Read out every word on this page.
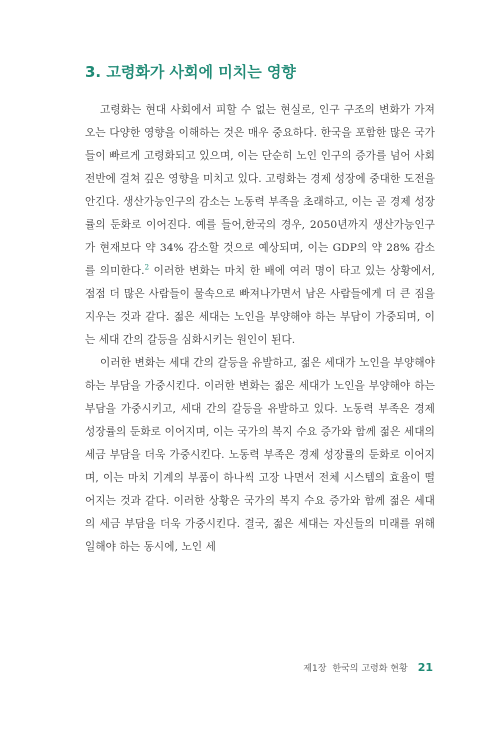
3. 고령화가 사회에 미치는 영향

고령화는 현대 사회에서 피할 수 없는 현실로, 인구 구조의 변화가 가져오는 다양한 영향을 이해하는 것은 매우 중요하다. 한국을 포함한 많은 국가들이 빠르게 고령화되고 있으며, 이는 단순히 노인 인구의 증가를 넘어 사회 전반에 걸쳐 깊은 영향을 미치고 있다. 고령화는 경제 성장에 중대한 도전을 안긴다. 생산가능인구의 감소는 노동력 부족을 초래하고, 이는 곧 경제 성장률의 둔화로 이어진다. 예를 들어,한국의 경우, 2050년까지 생산가능인구가 현재보다 약 34% 감소할 것으로 예상되며, 이는 GDP의 약 28% 감소를 의미한다.$^2$ 이러한 변화는 마치 한 배에 여러 명이 타고 있는 상황에서, 점점 더 많은 사람들이 물속으로 빠져나가면서 남은 사람들에게 더 큰 짐을 지우는 것과 같다. 젊은 세대는 노인을 부양해야 하는 부담이 가중되며, 이는 세대 간의 갈등을 심화시키는 원인이 된다.

이러한 변화는 세대 간의 갈등을 유발하고, 젊은 세대가 노인을 부양해야 하는 부담을 가중시킨다. 이러한 변화는 젊은 세대가 노인을 부양해야 하는 부담을 가중시키고, 세대 간의 갈등을 유발하고 있다. 노동력 부족은 경제 성장률의 둔화로 이어지며, 이는 국가의 복지 수요 증가와 함께 젊은 세대의 세금 부담을 더욱 가중시킨다. 노동력 부족은 경제 성장률의 둔화로 이어지며, 이는 마치 기계의 부품이 하나씩 고장 나면서 전체 시스템의 효율이 떨어지는 것과 같다. 이러한 상황은 국가의 복지 수요 증가와 함께 젊은 세대의 세금 부담을 더욱 가중시킨다. 결국, 젊은 세대는 자신들의 미래를 위해 일해야 하는 동시에, 노인 세

제1장 한국의 고령화 현황 21
